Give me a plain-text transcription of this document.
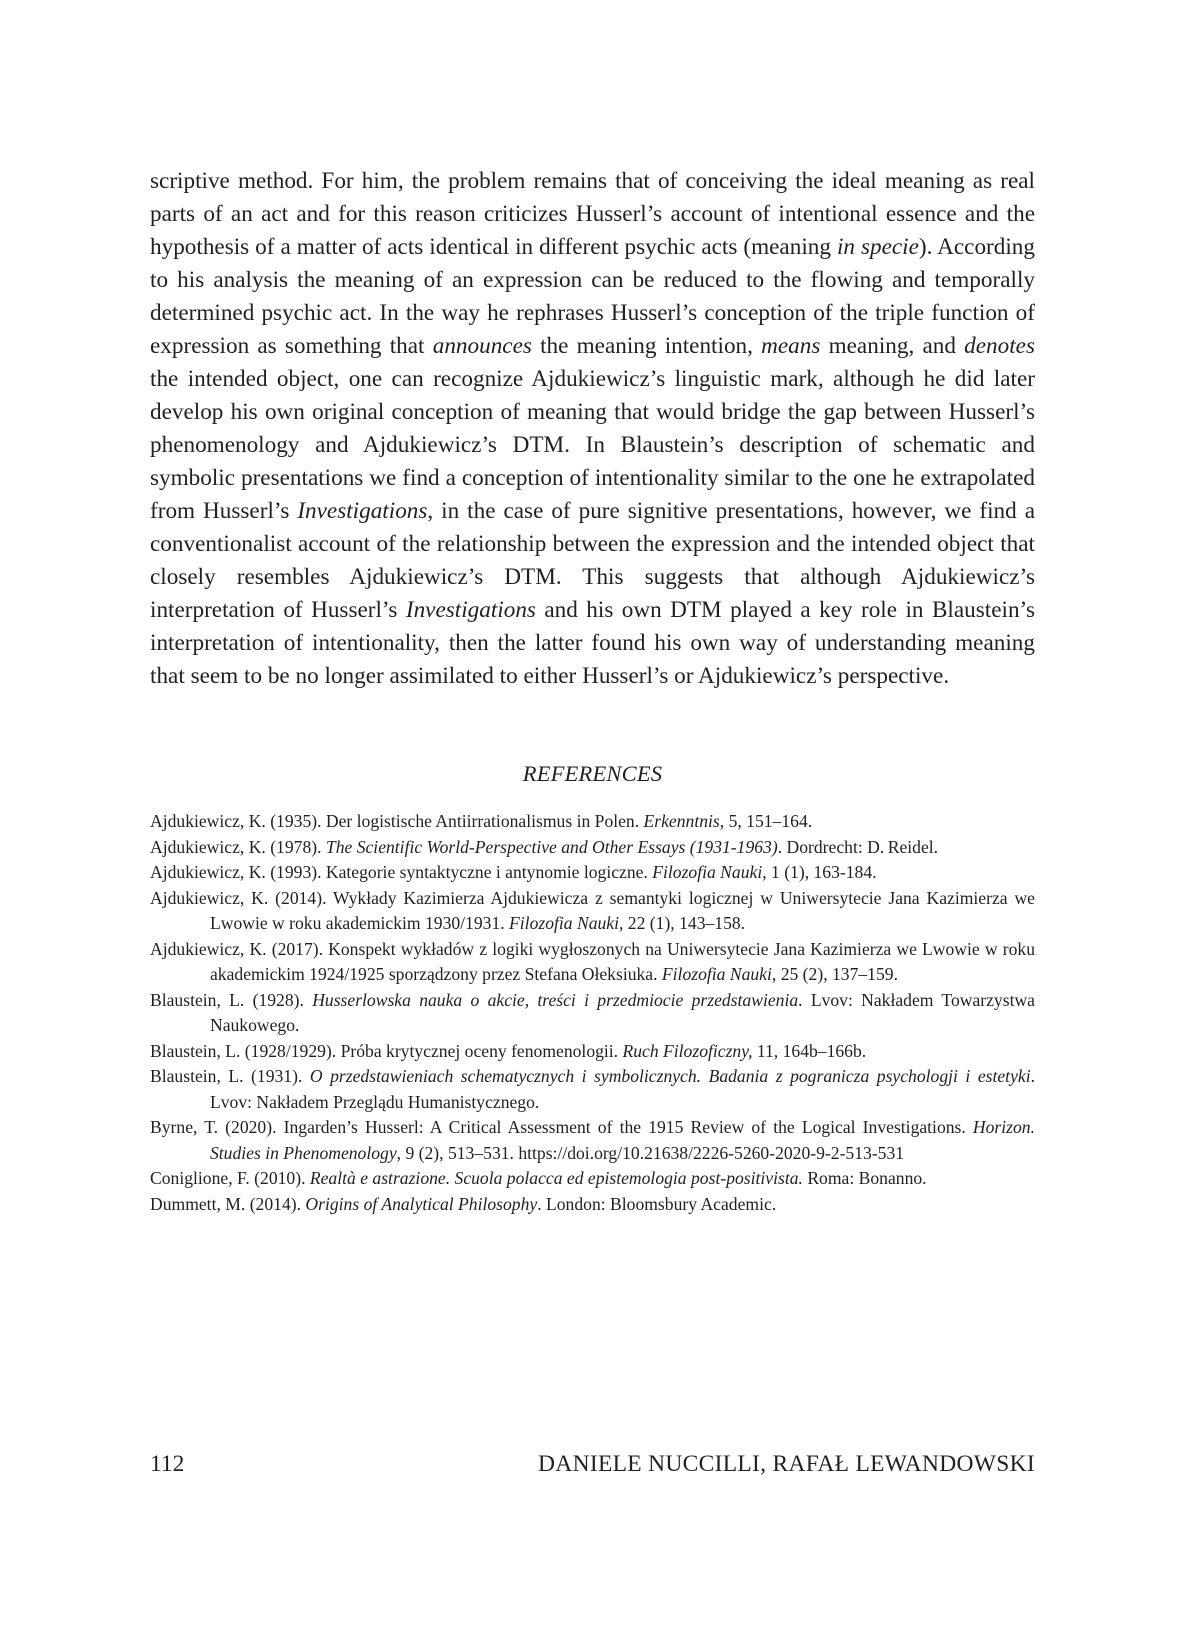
scriptive method. For him, the problem remains that of conceiving the ideal meaning as real parts of an act and for this reason criticizes Husserl’s account of intentional essence and the hypothesis of a matter of acts identical in different psychic acts (meaning in specie). According to his analysis the meaning of an expression can be reduced to the flowing and temporally determined psychic act. In the way he rephrases Husserl’s conception of the triple function of expression as something that announces the meaning intention, means meaning, and denotes the intended object, one can recognize Ajdukiewicz’s linguistic mark, although he did later develop his own original conception of meaning that would bridge the gap between Husserl’s phenomenology and Ajdukiewicz’s DTM. In Blaustein’s description of schematic and symbolic presentations we find a conception of intentionality similar to the one he extrapolated from Husserl’s Investigations, in the case of pure signitive presentations, however, we find a conventionalist account of the relationship between the expression and the intended object that closely resembles Ajdukiewicz’s DTM. This suggests that although Ajdukiewicz’s interpretation of Husserl’s Investigations and his own DTM played a key role in Blaustein’s interpretation of intentionality, then the latter found his own way of understanding meaning that seem to be no longer assimilated to either Husserl’s or Ajdukiewicz’s perspective.

REFERENCES
Ajdukiewicz, K. (1935). Der logistische Antiirrationalismus in Polen. Erkenntnis, 5, 151–164.
Ajdukiewicz, K. (1978). The Scientific World-Perspective and Other Essays (1931-1963). Dordrecht: D. Reidel.
Ajdukiewicz, K. (1993). Kategorie syntaktyczne i antynomie logiczne. Filozofia Nauki, 1 (1), 163-184.
Ajdukiewicz, K. (2014). Wykłady Kazimierza Ajdukiewicza z semantyki logicznej w Uniwersytecie Jana Kazimierza we Lwowie w roku akademickim 1930/1931. Filozofia Nauki, 22 (1), 143–158.
Ajdukiewicz, K. (2017). Konspekt wykładów z logiki wygłoszonych na Uniwersytecie Jana Kazimierza we Lwowie w roku akademickim 1924/1925 sporządzony przez Stefana Ołeksiuka. Filozofia Nauki, 25 (2), 137–159.
Blaustein, L. (1928). Husserlowska nauka o akcie, treści i przedmiocie przedstawienia. Lvov: Nakładem Towarzystwa Naukowego.
Blaustein, L. (1928/1929). Próba krytycznej oceny fenomenologii. Ruch Filozoficzny, 11, 164b–166b.
Blaustein, L. (1931). O przedstawieniach schematycznych i symbolicznych. Badania z pogranicza psychologji i estetyki. Lvov: Nakładem Przeglądu Humanistycznego.
Byrne, T. (2020). Ingarden’s Husserl: A Critical Assessment of the 1915 Review of the Logical Investigations. Horizon. Studies in Phenomenology, 9 (2), 513–531. https://doi.org/10.21638/2226-5260-2020-9-2-513-531
Coniglione, F. (2010). Realtà e astrazione. Scuola polacca ed epistemologia post-positivista. Roma: Bonanno.
Dummett, M. (2014). Origins of Analytical Philosophy. London: Bloomsbury Academic.
112	DANIELE NUCCILLI, RAFAŁ LEWANDOWSKI
